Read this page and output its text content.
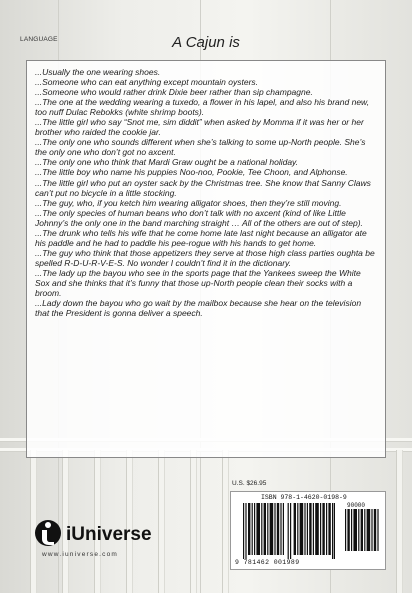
LANGUAGE	A Cajun is
...Usually the one wearing shoes.
...Someone who can eat anything except mountain oysters.
...Someone who would rather drink Dixie beer rather than sip champagne.
...The one at the wedding wearing a tuxedo, a flower in his lapel, and also his brand new, too nuff Dulac Rebokks (white shrimp boots).
...The little girl who say “Snot me, sim diddit” when asked by Momma if it was her or her brother who raided the cookie jar.
...The only one who sounds different when she’s talking to some up-North people. She’s the only one who don’t got no axcent.
...The only one who think that Mardi Graw ought be a national holiday.
...The little boy who name his puppies Noo-noo, Pookie, Tee Choon, and Alphonse.
...The little girl who put an oyster sack by the Christmas tree. She know that Sanny Claws can’t put no bicycle in a little stocking.
...The guy, who, if you ketch him wearing alligator shoes, then they’re still moving.
...The only species of human beans who don’t talk with no axcent (kind of like Little Johnny’s the only one in the band marching straight … All of the others are out of step).
...The drunk who tells his wife that he come home late last night because an alligator ate his paddle and he had to paddle his pee-rogue with his hands to get home.
...The guy who think that those appetizers they serve at those high class parties oughta be spelled R-D-U-R-V-E-S. No wonder I couldn’t find it in the dictionary.
...The lady up the bayou who see in the sports page that the Yankees sweep the White Sox and she thinks that it’s funny that those up-North people clean their socks with a broom.
...Lady down the bayou who go wait by the mailbox because she hear on the television that the President is gonna deliver a speech.
U.S. $26.95
ISBN 978-1-4620-0198-9
90000
9 781462 001989
iUniverse
www.iuniverse.com
